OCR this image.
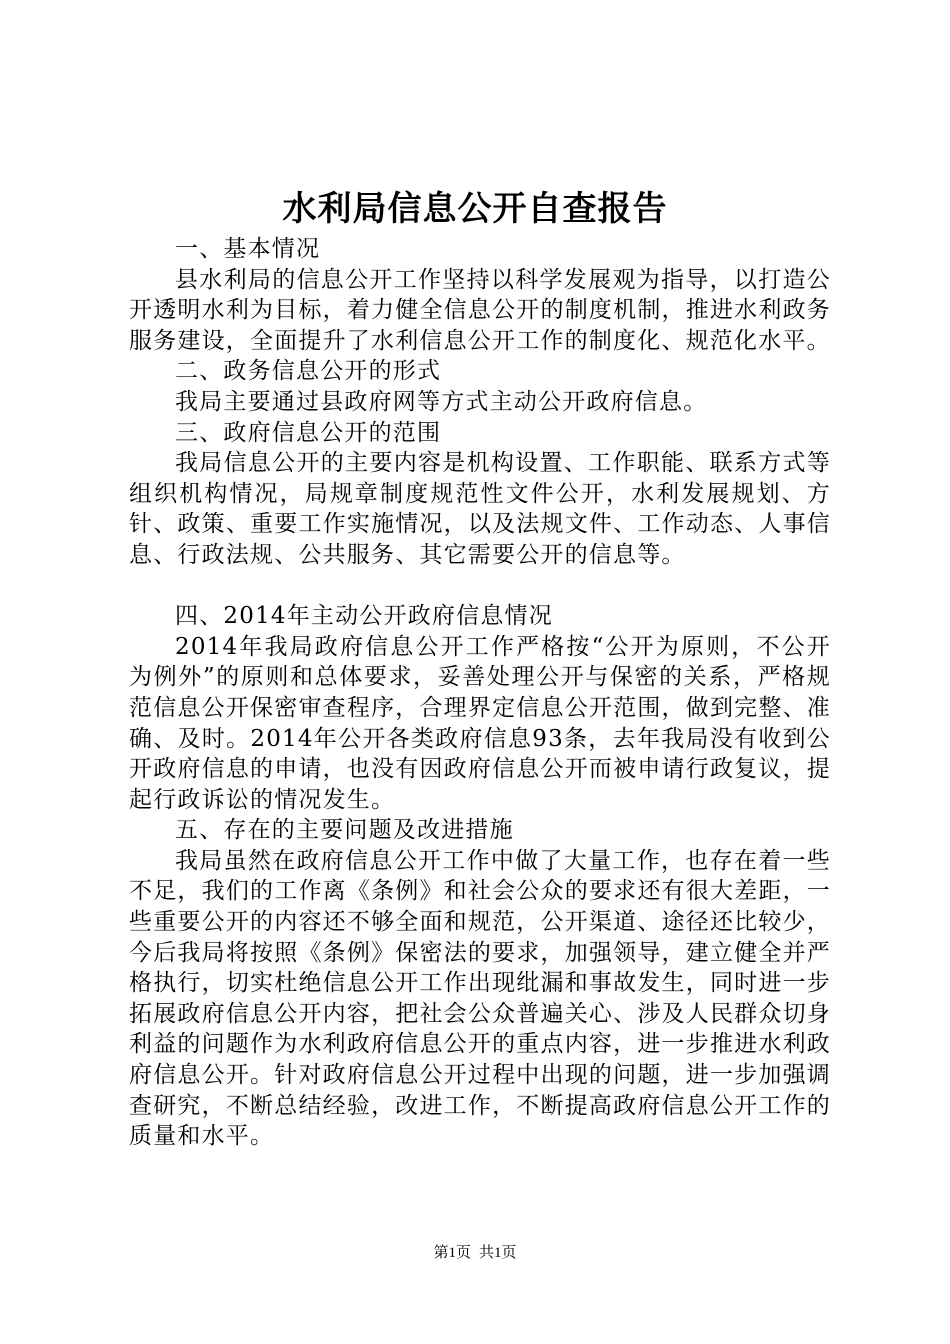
水利局信息公开自查报告
一、基本情况

县水利局的信息公开工作坚持以科学发展观为指导，以打造公开透明水利为目标，着力健全信息公开的制度机制，推进水利政务服务建设，全面提升了水利信息公开工作的制度化、规范化水平。

二、政务信息公开的形式

我局主要通过县政府网等方式主动公开政府信息。

三、政府信息公开的范围

我局信息公开的主要内容是机构设置、工作职能、联系方式等组织机构情况，局规章制度规范性文件公开，水利发展规划、方针、政策、重要工作实施情况，以及法规文件、工作动态、人事信息、行政法规、公共服务、其它需要公开的信息等。

四、2014年主动公开政府信息情况

2014年我局政府信息公开工作严格按“公开为原则，不公开为例外”的原则和总体要求，妥善处理公开与保密的关系，严格规范信息公开保密审查程序，合理界定信息公开范围，做到完整、准确、及时。2014年公开各类政府信息93条，去年我局没有收到公开政府信息的申请，也没有因政府信息公开而被申请行政复议，提起行政诉讼的情况发生。

五、存在的主要问题及改进措施

我局虽然在政府信息公开工作中做了大量工作，也存在着一些不足，我们的工作离《条例》和社会公众的要求还有很大差距，一些重要公开的内容还不够全面和规范，公开渠道、途径还比较少，今后我局将按照《条例》保密法的要求，加强领导，建立健全并严格执行，切实杜绝信息公开工作出现纰漏和事故发生，同时进一步拓展政府信息公开内容，把社会公众普遍关心、涉及人民群众切身利益的问题作为水利政府信息公开的重点内容，进一步推进水利政府信息公开。针对政府信息公开过程中出现的问题，进一步加强调查研究，不断总结经验，改进工作，不断提高政府信息公开工作的质量和水平。

第1页 共1页
